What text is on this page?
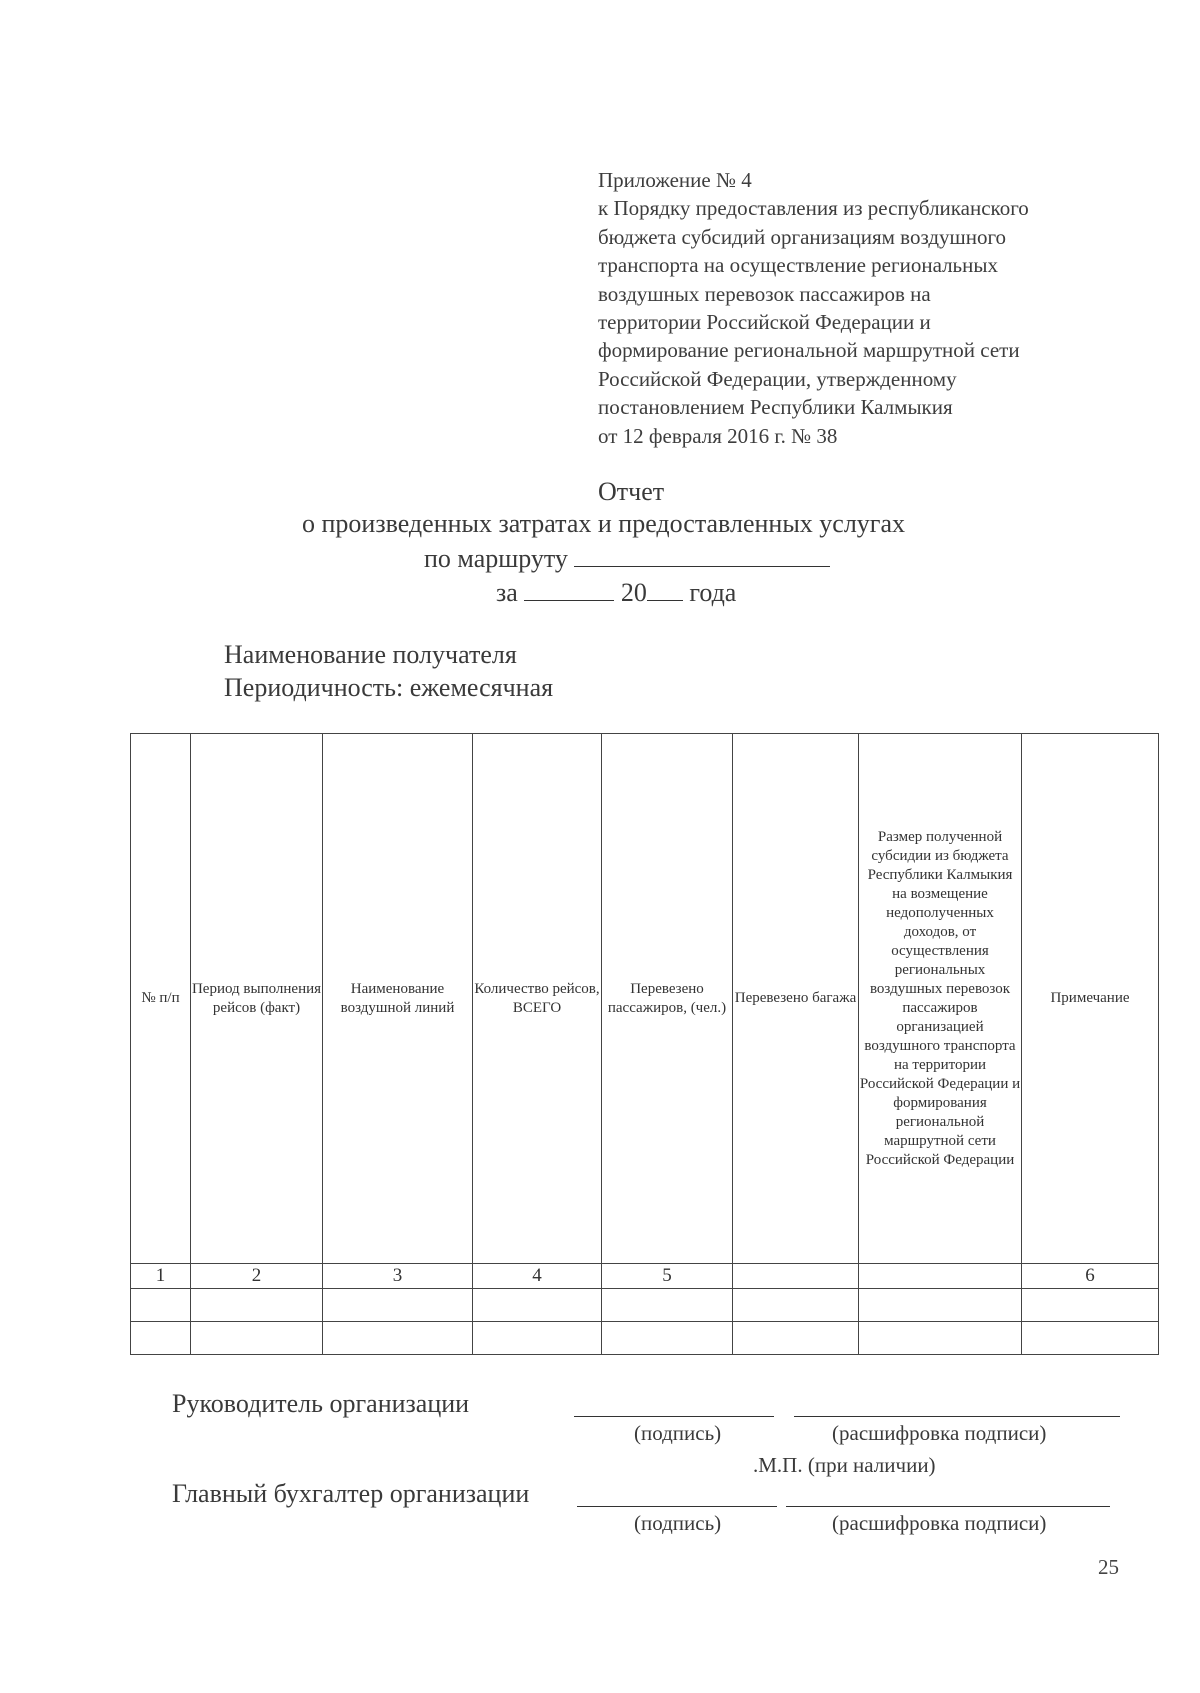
Приложение № 4
к Порядку предоставления из республиканского
бюджета субсидий организациям воздушного
транспорта на осуществление региональных
воздушных перевозок пассажиров на
территории Российской Федерации и
формирование региональной маршрутной сети
Российской Федерации, утвержденному
постановлением Республики Калмыкия
от 12 февраля 2016 г. № 38
Отчет
о произведенных затратах и предоставленных услугах
по маршруту
за	20 года
Наименование получателя
Периодичность: ежемесячная
№ п/п	Период выполнения рейсов (факт)	Наименование воздушной линий	Количество рейсов, ВСЕГО	Перевезено пассажиров, (чел.)	Перевезено багажа	Размер полученной субсидии из бюджета Республики Калмыкия на возмещение недополученных доходов, от осуществления региональных воздушных перевозок пассажиров организацией воздушного транспорта на территории Российской Федерации и формирования региональной маршрутной сети Российской Федерации	Примечание
1	2	3	4	5			6

Руководитель организации
(подпись)	(расшифровка подписи)
.М.П. (при наличии)
Главный бухгалтер организации
(подпись)	(расшифровка подписи)
25
